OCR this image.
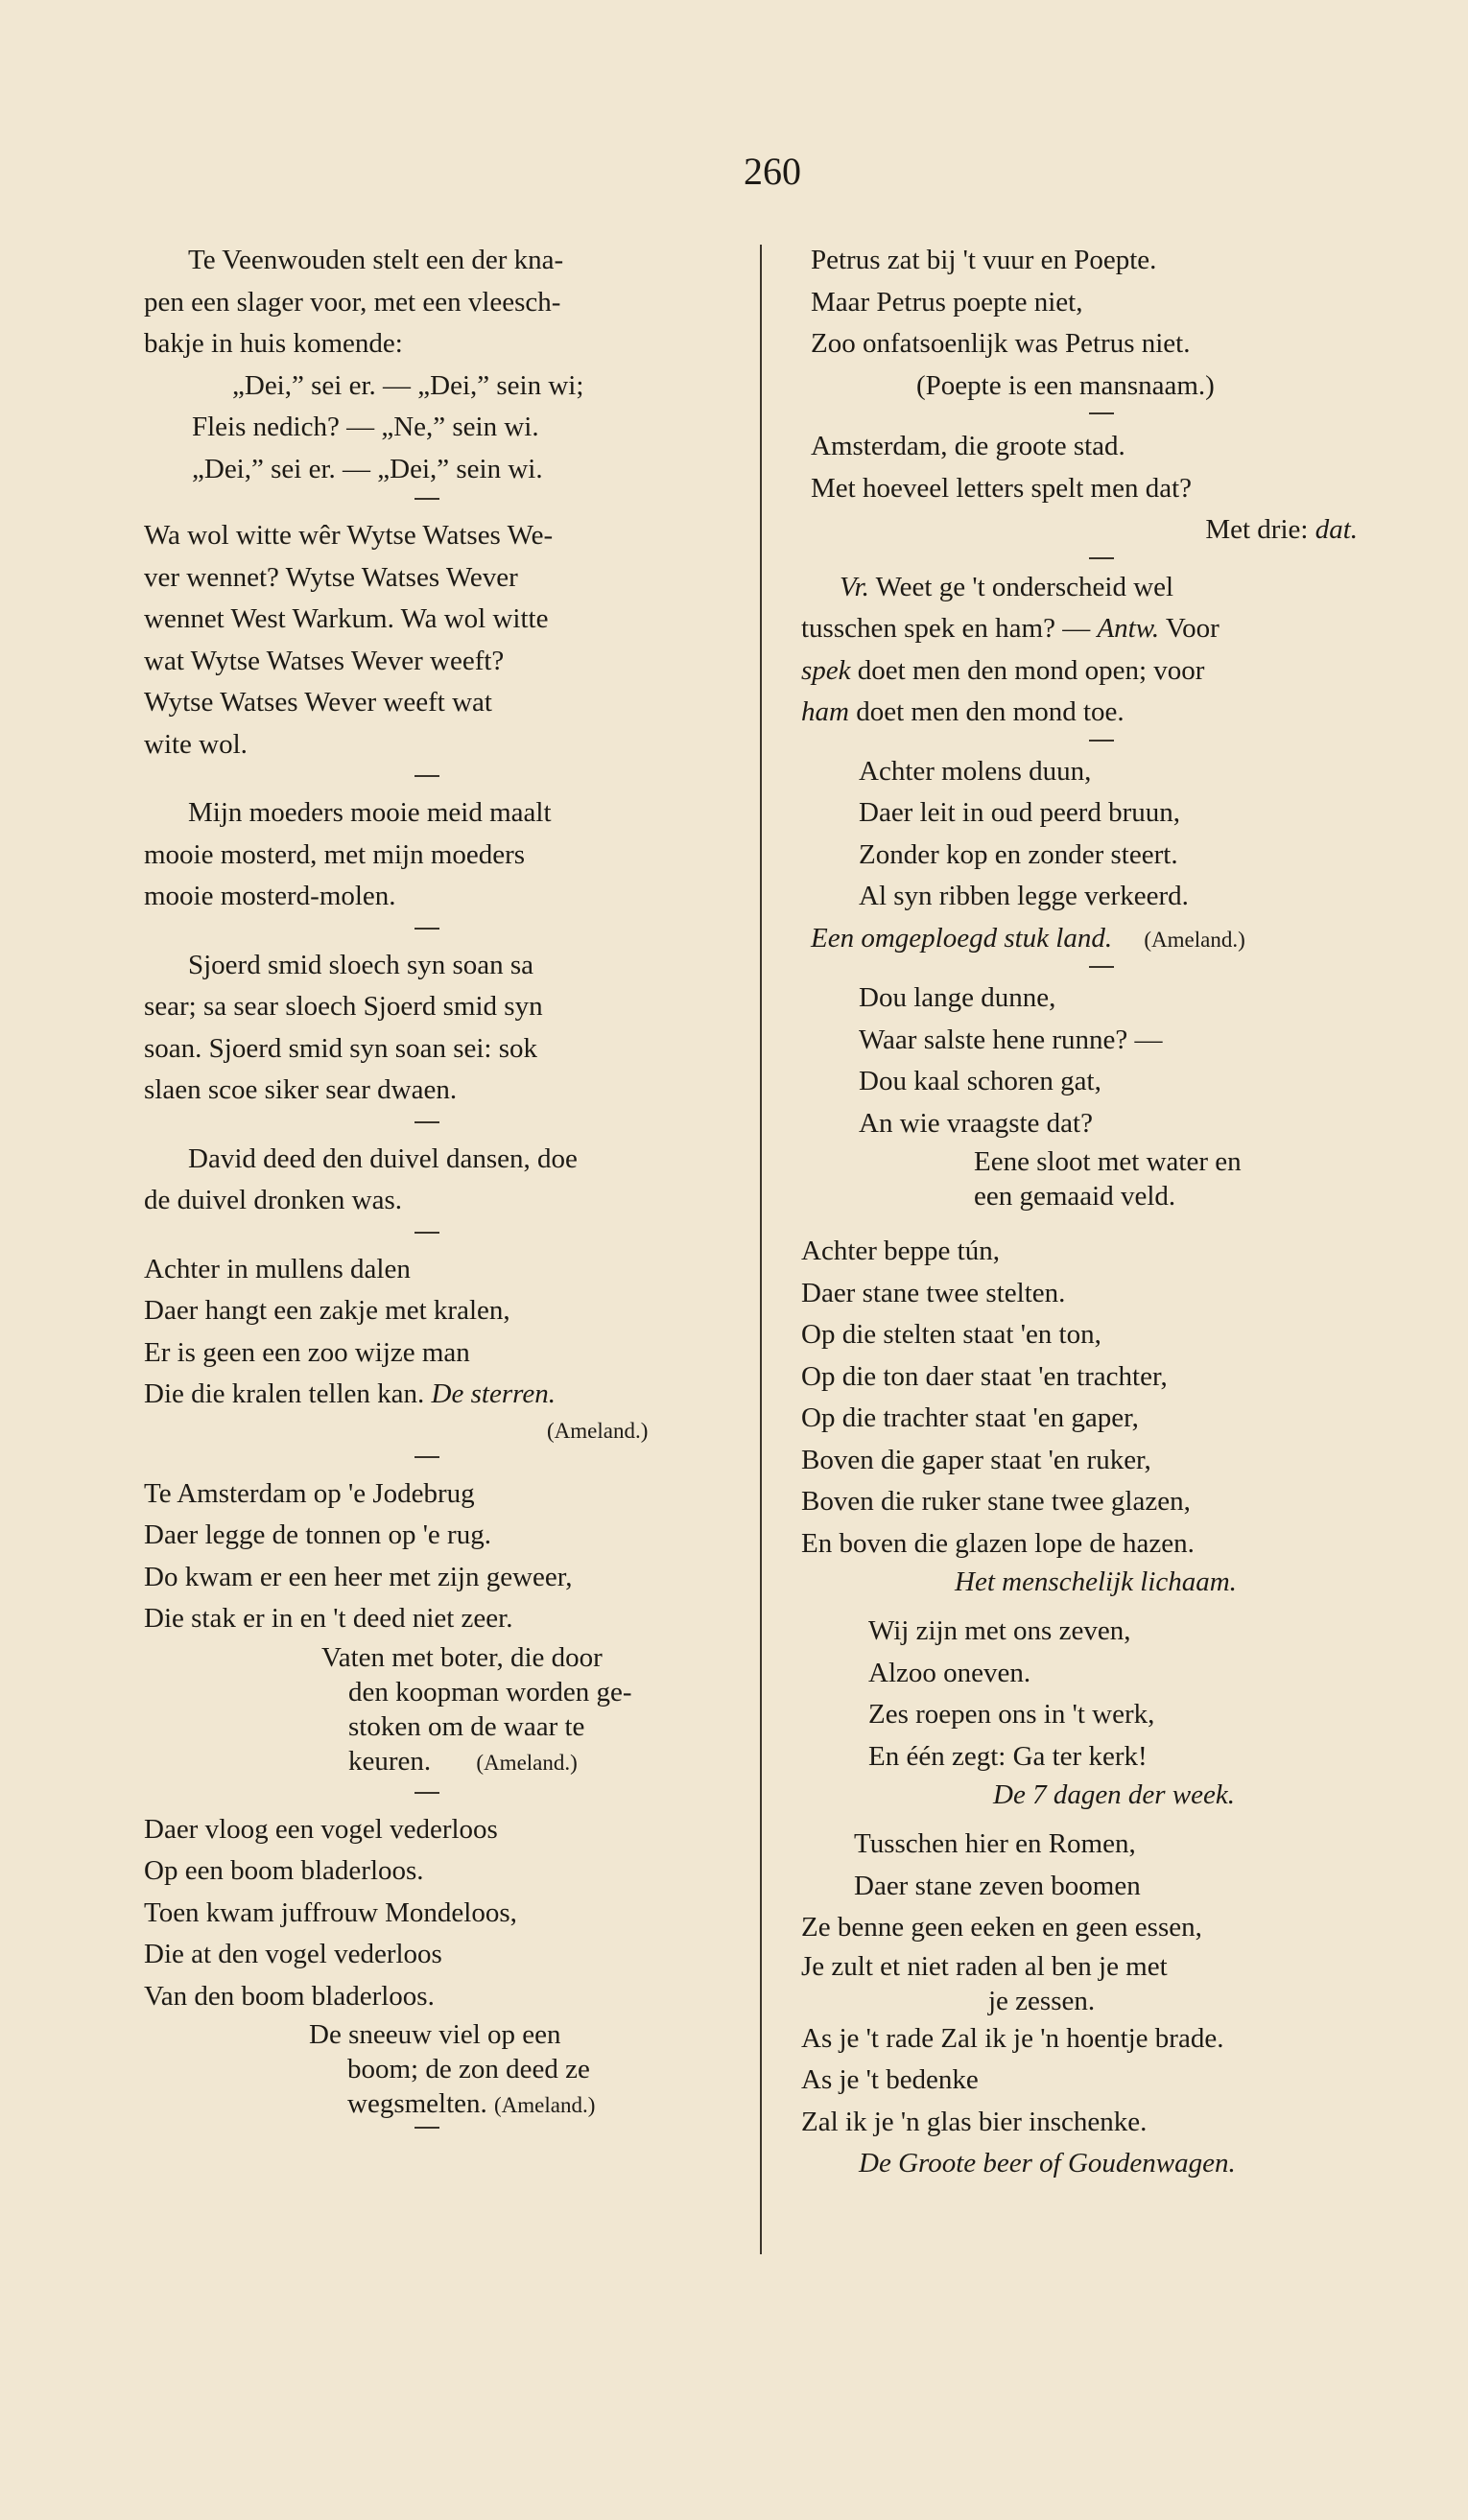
260

Te Veenwouden stelt een der kna-

pen een slager voor, met een vleesch-

bakje in huis komende:

„Dei,” sei er. — „Dei,” sein wi;

Fleis nedich? — „Ne,” sein wi.

„Dei,” sei er. — „Dei,” sein wi.

Wa wol witte wêr Wytse Watses We-

ver wennet? Wytse Watses Wever

wennet West Warkum. Wa wol witte

wat Wytse Watses Wever weeft?

Wytse Watses Wever weeft wat

wite wol.

Mijn moeders mooie meid maalt

mooie mosterd, met mijn moeders

mooie mosterd-molen.

Sjoerd smid sloech syn soan sa

sear; sa sear sloech Sjoerd smid syn

soan. Sjoerd smid syn soan sei: sok

slaen scoe siker sear dwaen.

David deed den duivel dansen, doe

de duivel dronken was.

Achter in mullens dalen

Daer hangt een zakje met kralen,

Er is geen een zoo wijze man

Die die kralen tellen kan. De sterren.

(Ameland.)

Te Amsterdam op 'e Jodebrug

Daer legge de tonnen op 'e rug.

Do kwam er een heer met zijn geweer,

Die stak er in en 't deed niet zeer.

Vaten met boter, die door

den koopman worden ge-

stoken om de waar te

keuren. (Ameland.)

Daer vloog een vogel vederloos

Op een boom bladerloos.

Toen kwam juffrouw Mondeloos,

Die at den vogel vederloos

Van den boom bladerloos.

De sneeuw viel op een

boom; de zon deed ze

wegsmelten. (Ameland.)

Petrus zat bij 't vuur en Poepte.

Maar Petrus poepte niet,

Zoo onfatsoenlijk was Petrus niet.

(Poepte is een mansnaam.)

Amsterdam, die groote stad.

Met hoeveel letters spelt men dat?

Met drie: dat.

Vr. Weet ge 't onderscheid wel

tusschen spek en ham? — Antw. Voor

spek doet men den mond open; voor

ham doet men den mond toe.

Achter molens duun,

Daer leit in oud peerd bruun,

Zonder kop en zonder steert.

Al syn ribben legge verkeerd.

Een omgeploegd stuk land. (Ameland.)

Dou lange dunne,

Waar salste hene runne? —

Dou kaal schoren gat,

An wie vraagste dat?

Eene sloot met water en

een gemaaid veld.

Achter beppe tún,

Daer stane twee stelten.

Op die stelten staat 'en ton,

Op die ton daer staat 'en trachter,

Op die trachter staat 'en gaper,

Boven die gaper staat 'en ruker,

Boven die ruker stane twee glazen,

En boven die glazen lope de hazen.

Het menschelijk lichaam.

Wij zijn met ons zeven,

Alzoo oneven.

Zes roepen ons in 't werk,

En één zegt: Ga ter kerk!

De 7 dagen der week.

Tusschen hier en Romen,

Daer stane zeven boomen

Ze benne geen eeken en geen essen,

Je zult et niet raden al ben je met

je zessen.

As je 't rade Zal ik je 'n hoentje brade.

As je 't bedenke

Zal ik je 'n glas bier inschenke.

De Groote beer of Goudenwagen.
